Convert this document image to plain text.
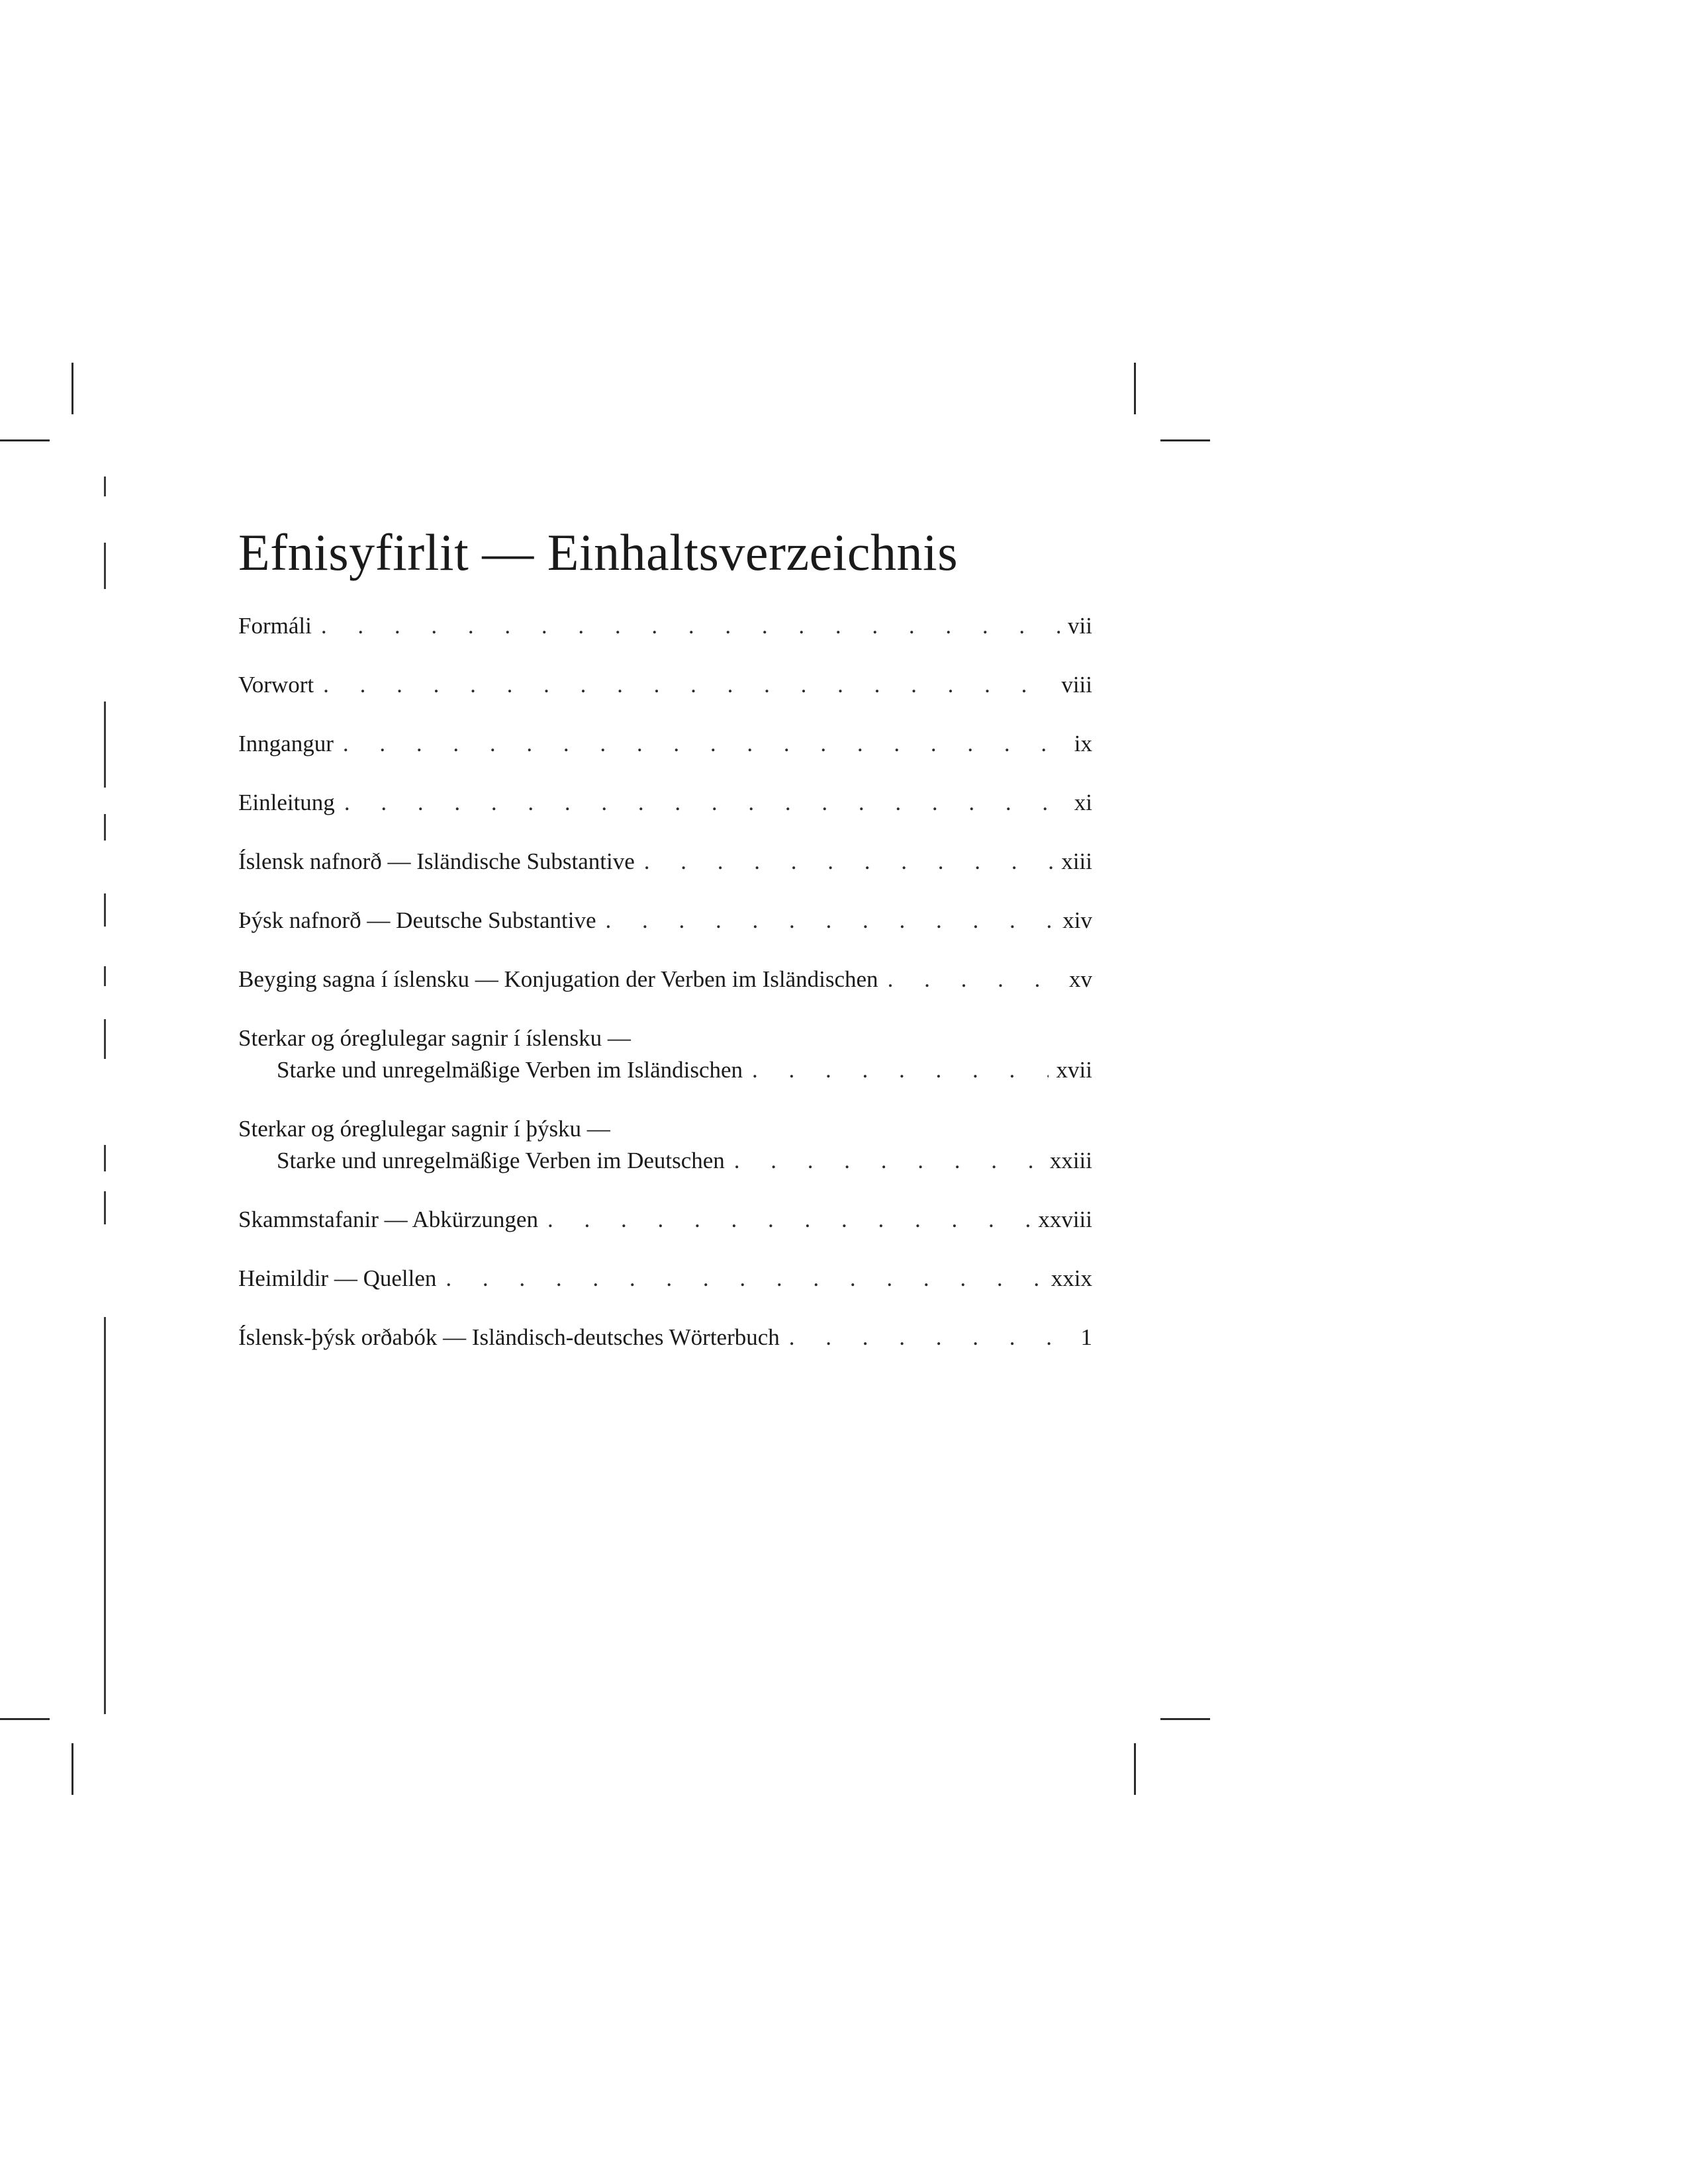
Efnisyfirlit — Einhaltsverzeichnis
Formáli . . .	vii
Vorwort . . .	viii
Inngangur . . .	ix
Einleitung . . .	xi
Íslensk nafnorð — Isländische Substantive . . .	xiii
Þýsk nafnorð — Deutsche Substantive . . .	xiv
Beyging sagna í íslensku — Konjugation der Verben im Isländischen . . .	xv
Sterkar og óreglulegar sagnir í íslensku —
Starke und unregelmäßige Verben im Isländischen . . .	xvii
Sterkar og óreglulegar sagnir í þýsku —
Starke und unregelmäßige Verben im Deutschen . . .	xxiii
Skammstafanir — Abkürzungen . . .	xxviii
Heimildir — Quellen . . .	xxix
Íslensk-þýsk orðabók — Isländisch-deutsches Wörterbuch . . .	1
